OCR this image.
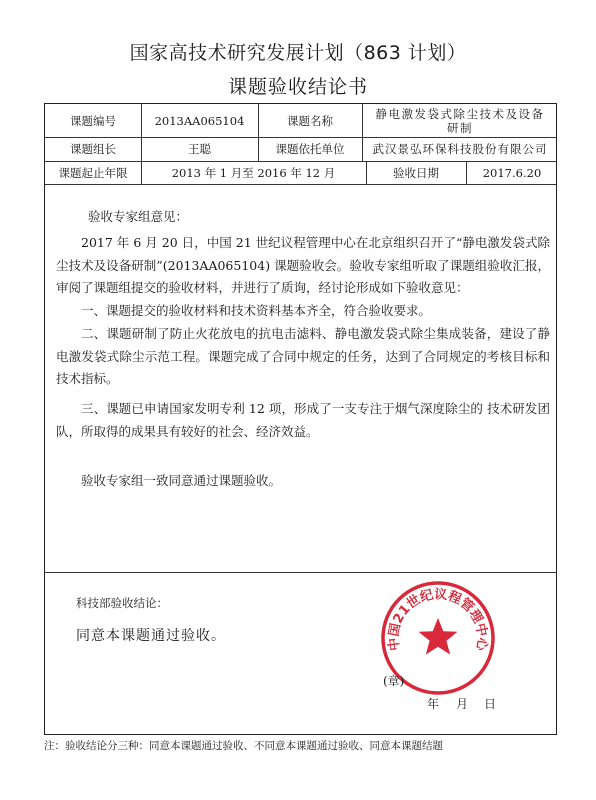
国家高技术研究发展计划（863 计划）
课题验收结论书
课题编号	2013AA065104	课题名称	静电激发袋式除尘技术及设备研制
课题组长	王聪	课题依托单位	武汉景弘环保科技股份有限公司
课题起止年限	2013 年 1 月至 2016 年 12 月	验收日期	2017.6.20
验收专家组意见：
2017 年 6 月 20 日，中国 21 世纪议程管理中心在北京组织召开了“静电激发袋式除尘技术及设备研制”(2013AA065104) 课题验收会。验收专家组听取了课题组验收汇报，审阅了课题组提交的验收材料，并进行了质询，经讨论形成如下验收意见：
一、课题提交的验收材料和技术资料基本齐全，符合验收要求。
二、课题研制了防止火花放电的抗电击滤料、静电激发袋式除尘集成装备，建设了静电激发袋式除尘示范工程。课题完成了合同中规定的任务，达到了合同规定的考核目标和技术指标。
三、课题已申请国家发明专利 12 项，形成了一支专注于烟气深度除尘的 技术研发团队，所取得的成果具有较好的社会、经济效益。
验收专家组一致同意通过课题验收。
科技部验收结论：
同意本课题通过验收。
中国21世纪议程管理中心
(章)
年 月 日
注：验收结论分三种：同意本课题通过验收、不同意本课题通过验收、同意本课题结题
